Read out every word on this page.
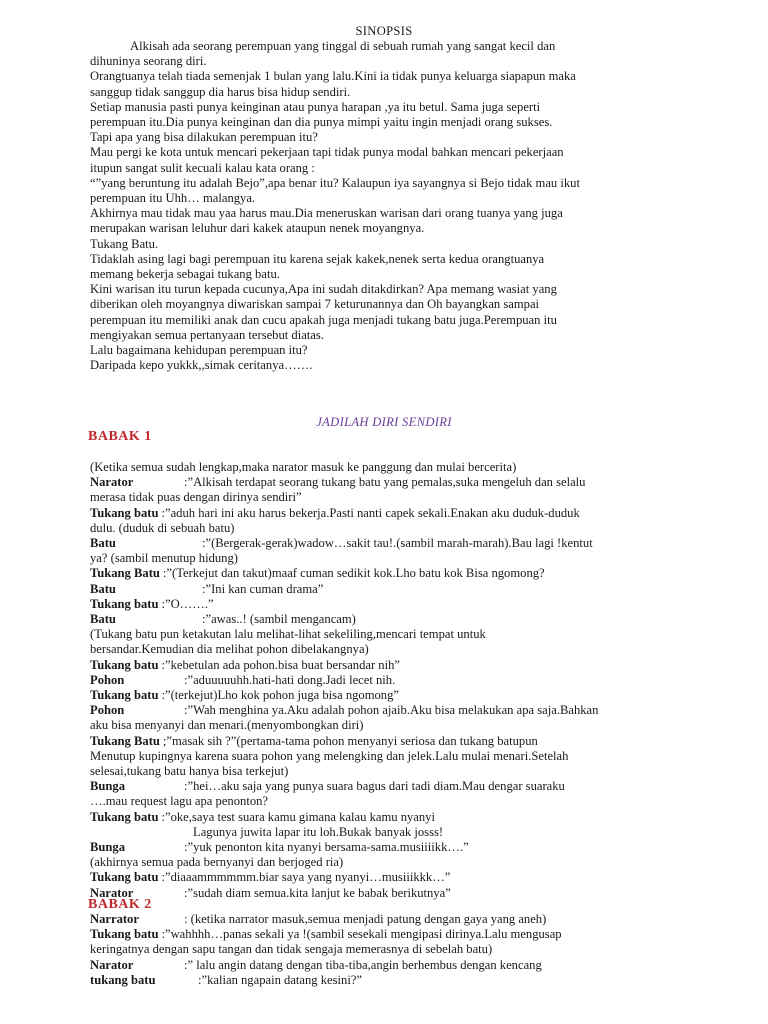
SINOPSIS
Alkisah ada seorang perempuan yang tinggal di sebuah rumah yang sangat kecil dan
dihuninya seorang diri.
Orangtuanya telah tiada semenjak 1 bulan yang lalu.Kini ia tidak punya keluarga siapapun maka
sanggup tidak sanggup dia harus bisa hidup sendiri.
Setiap manusia pasti punya keinginan atau punya harapan ,ya itu betul. Sama juga seperti
perempuan itu.Dia punya keinginan dan dia punya mimpi yaitu ingin menjadi orang sukses.
Tapi apa yang bisa dilakukan perempuan itu?
Mau pergi ke kota untuk mencari pekerjaan tapi tidak punya modal bahkan mencari pekerjaan
itupun sangat sulit kecuali kalau kata orang :
“”yang beruntung itu adalah Bejo”,apa benar itu? Kalaupun iya sayangnya si Bejo tidak mau ikut
perempuan itu Uhh… malangya.
Akhirnya mau tidak mau yaa harus mau.Dia meneruskan warisan dari orang tuanya yang juga
merupakan warisan leluhur dari kakek ataupun nenek moyangnya.
Tukang Batu.
Tidaklah asing lagi bagi perempuan itu karena sejak kakek,nenek serta kedua orangtuanya
memang bekerja sebagai tukang batu.
Kini warisan itu turun kepada cucunya,Apa ini sudah ditakdirkan? Apa memang wasiat yang
diberikan oleh moyangnya diwariskan sampai 7 keturunannya dan Oh bayangkan sampai
perempuan itu memiliki anak dan cucu apakah juga menjadi tukang batu juga.Perempuan itu
mengiyakan semua pertanyaan tersebut diatas.
Lalu bagaimana kehidupan perempuan itu?
Daripada kepo yukkk,,simak ceritanya…….
JADILAH DIRI SENDIRI
BABAK 1
(Ketika semua sudah lengkap,maka narator masuk ke panggung dan mulai bercerita)
Narator	:”Alkisah terdapat seorang tukang batu yang pemalas,suka mengeluh dan selalu
merasa tidak puas dengan dirinya sendiri”
Tukang batu :”aduh hari ini aku harus bekerja.Pasti nanti capek sekali.Enakan aku duduk-duduk
dulu. (duduk di sebuah batu)
Batu	:”(Bergerak-gerak)wadow…sakit tau!.(sambil marah-marah).Bau lagi !kentut
ya? (sambil menutup hidung)
Tukang Batu :”(Terkejut dan takut)maaf cuman sedikit kok.Lho batu kok Bisa ngomong?
Batu	:”Ini kan cuman drama”
Tukang batu :”O…….”
Batu	:”awas..! (sambil mengancam)
(Tukang batu pun ketakutan lalu melihat-lihat sekeliling,mencari tempat untuk
bersandar.Kemudian dia melihat pohon dibelakangnya)
Tukang batu :”kebetulan ada pohon.bisa buat bersandar nih”
Pohon	:”aduuuuuhh.hati-hati dong.Jadi lecet nih.
Tukang batu :”(terkejut)Lho kok pohon juga bisa ngomong”
Pohon	:”Wah menghina ya.Aku adalah pohon ajaib.Aku bisa melakukan apa saja.Bahkan
aku bisa menyanyi dan menari.(menyombongkan diri)
Tukang Batu ;”masak sih ?”(pertama-tama pohon menyanyi seriosa dan tukang batupun
Menutup kupingnya karena suara pohon yang melengking dan jelek.Lalu mulai menari.Setelah
selesai,tukang batu hanya bisa terkejut)
Bunga	:”hei…aku saja yang punya suara bagus dari tadi diam.Mau dengar suaraku
….mau request lagu apa penonton?
Tukang batu :”oke,saya test suara kamu gimana kalau kamu nyanyi
Lagunya juwita lapar itu loh.Bukak banyak josss!
Bunga	:”yuk penonton kita nyanyi bersama-sama.musiiiikk….”
(akhirnya semua pada bernyanyi dan berjoged ria)
Tukang batu :”diaaammmmmm.biar saya yang nyanyi…musiiikkk…”
Narator	:”sudah diam semua.kita lanjut ke babak berikutnya”
BABAK 2
Narrator	: (ketika narrator masuk,semua menjadi patung dengan gaya yang aneh)
Tukang batu :”wahhhh…panas sekali ya !(sambil sesekali mengipasi dirinya.Lalu mengusap
keringatnya dengan sapu tangan dan tidak sengaja memerasnya di sebelah batu)
Narator	:” lalu angin datang dengan tiba-tiba,angin berhembus dengan kencang
tukang batu	:”kalian ngapain datang kesini?”
